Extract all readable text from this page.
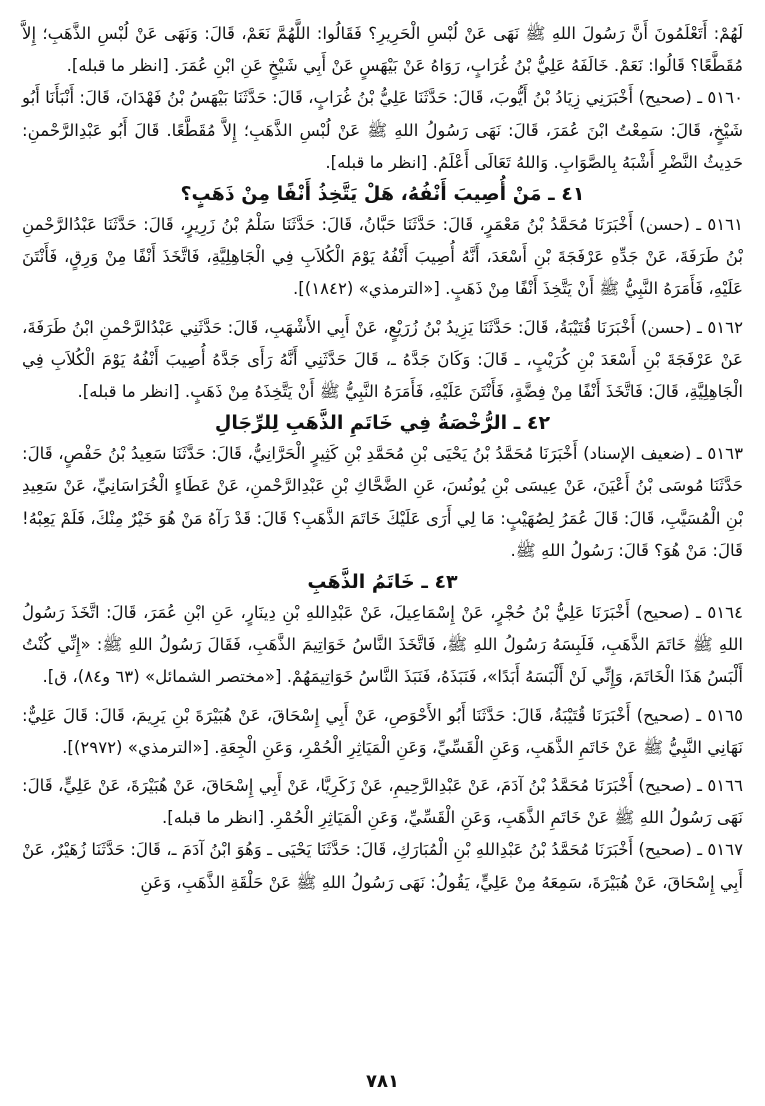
لَهُمْ: أَتَعْلَمُونَ أَنَّ رَسُولَ اللهِ ﷺ نَهَى عَنْ لُبْسِ الْحَرِيرِ؟ فَقَالُوا: اللَّهُمَّ نَعَمْ، قَالَ: وَنَهَى عَنْ لُبْسِ الذَّهَبِ؛ إِلاَّ مُقَطَّعًا؟ قَالُوا: نَعَمْ. خَالَفَهُ عَلِيُّ بْنُ غُرَابٍ، رَوَاهُ عَنْ بَيْهَسٍ عَنْ أَبِي شَيْخٍ عَنِ ابْنِ عُمَرَ. [انظر ما قبله].

٥١٦٠ ـ (صحيح) أَخْبَرَنِي زِيَادُ بْنُ أَيُّوبَ، قَالَ: حَدَّثَنَا عَلِيُّ بْنُ غُرَابٍ، قَالَ: حَدَّثَنَا بَيْهَسُ بْنُ فَهْدَانَ، قَالَ: أَنْبَأَنَا أَبُو شَيْخٍ، قَالَ: سَمِعْتُ ابْنَ عُمَرَ، قَالَ: نَهَى رَسُولُ اللهِ ﷺ عَنْ لُبْسِ الذَّهَبِ؛ إِلاَّ مُقَطَّعًا. قَالَ أَبُو عَبْدِالرَّحْمنِ: حَدِيثُ النَّضْرِ أَشْبَهُ بِالصَّوَابِ. وَاللهُ تَعَالَى أَعْلَمُ. [انظر ما قبله].

٤١ ـ مَنْ أُصِيبَ أَنْفُهُ، هَلْ يَتَّخِذُ أَنْفًا مِنْ ذَهَبٍ؟

٥١٦١ ـ (حسن) أَخْبَرَنَا مُحَمَّدُ بْنُ مَعْمَرٍ، قَالَ: حَدَّثَنَا حَبَّانُ، قَالَ: حَدَّثَنَا سَلْمُ بْنُ زَرِيرٍ، قَالَ: حَدَّثَنَا عَبْدُالرَّحْمنِ بْنُ طَرَفَةَ، عَنْ جَدِّهِ عَرْفَجَةَ بْنِ أَسْعَدَ، أَنَّهُ أُصِيبَ أَنْفُهُ يَوْمَ الْكُلاَبِ فِي الْجَاهِلِيَّةِ، فَاتَّخَذَ أَنْفًا مِنْ وَرِقٍ، فَأَنْتَنَ عَلَيْهِ، فَأَمَرَهُ النَّبِيُّ ﷺ أَنْ يَتَّخِذَ أَنْفًا مِنْ ذَهَبٍ. [«الترمذي» (١٨٤٢)].

٥١٦٢ ـ (حسن) أَخْبَرَنَا قُتَيْبَةُ، قَالَ: حَدَّثَنَا يَزِيدُ بْنُ زُرَيْعٍ، عَنْ أَبِي الأَشْهَبِ، قَالَ: حَدَّثَنِي عَبْدُالرَّحْمنِ ابْنُ طَرَفَةَ، عَنْ عَرْفَجَةَ بْنِ أَسْعَدَ بْنِ كُرَيْبٍ، ـ قَالَ: وَكَانَ جَدَّهُ ـ، قَالَ حَدَّثَنِي أَنَّهُ رَأَى جَدَّهُ أُصِيبَ أَنْفُهُ يَوْمَ الْكُلاَبِ فِي الْجَاهِلِيَّةِ، قَالَ: فَاتَّخَذَ أَنْفًا مِنْ فِضَّةٍ، فَأَنْتَنَ عَلَيْهِ، فَأَمَرَهُ النَّبِيُّ ﷺ أَنْ يَتَّخِذَهُ مِنْ ذَهَبٍ. [انظر ما قبله].

٤٢ ـ الرُّخْصَةُ فِي خَاتَمِ الذَّهَبِ لِلرِّجَالِ

٥١٦٣ ـ (ضعيف الإسناد) أَخْبَرَنَا مُحَمَّدُ بْنُ يَحْيَى بْنِ مُحَمَّدِ بْنِ كَثِيرٍ الْحَرَّانِيُّ، قَالَ: حَدَّثَنَا سَعِيدُ بْنُ حَفْصٍ، قَالَ: حَدَّثَنَا مُوسَى بْنُ أَعْيَنَ، عَنْ عِيسَى بْنِ يُونُسَ، عَنِ الضَّحَّاكِ بْنِ عَبْدِالرَّحْمنِ، عَنْ عَطَاءٍ الْخُرَاسَانِيِّ، عَنْ سَعِيدِ بْنِ الْمُسَيَّبِ، قَالَ: قَالَ عُمَرُ لِصُهَيْبٍ: مَا لِي أَرَى عَلَيْكَ خَاتَمَ الذَّهَبِ؟ قَالَ: قَدْ رَآهُ مَنْ هُوَ خَيْرٌ مِنْكَ، فَلَمْ يَعِبْهُ! قَالَ: مَنْ هُوَ؟ قَالَ: رَسُولُ اللهِ ﷺ.

٤٣ ـ خَاتَمُ الذَّهَبِ

٥١٦٤ ـ (صحيح) أَخْبَرَنَا عَلِيُّ بْنُ حُجْرٍ، عَنْ إِسْمَاعِيلَ، عَنْ عَبْدِاللهِ بْنِ دِينَارٍ، عَنِ ابْنِ عُمَرَ، قَالَ: اتَّخَذَ رَسُولُ اللهِ ﷺ خَاتَمَ الذَّهَبِ، فَلَبِسَهُ رَسُولُ اللهِ ﷺ، فَاتَّخَذَ النَّاسُ خَوَاتِيمَ الذَّهَبِ، فَقَالَ رَسُولُ اللهِ ﷺ: «إِنِّي كُنْتُ أَلْبَسُ هَذَا الْخَاتَمَ، وَإِنِّي لَنْ أَلْبَسَهُ أَبَدًا»، فَنَبَذَهُ، فَنَبَذَ النَّاسُ خَوَاتِيمَهُمْ. [«مختصر الشمائل» (٦٣ و٨٤)، ق].

٥١٦٥ ـ (صحيح) أَخْبَرَنَا قُتَيْبَةُ، قَالَ: حَدَّثَنَا أَبُو الأَحْوَصِ، عَنْ أَبِي إِسْحَاقَ، عَنْ هُبَيْرَةَ بْنِ يَرِيمَ، قَالَ: قَالَ عَلِيٌّ: نَهَانِي النَّبِيُّ ﷺ عَنْ خَاتَمِ الذَّهَبِ، وَعَنِ الْقَسِّيِّ، وَعَنِ الْمَيَاثِرِ الْحُمْرِ، وَعَنِ الْجِعَةِ. [«الترمذي» (٢٩٧٢)].

٥١٦٦ ـ (صحيح) أَخْبَرَنَا مُحَمَّدُ بْنُ آدَمَ، عَنْ عَبْدِالرَّحِيمِ، عَنْ زَكَرِيَّا، عَنْ أَبِي إِسْحَاقَ، عَنْ هُبَيْرَةَ، عَنْ عَلِيٍّ، قَالَ: نَهَى رَسُولُ اللهِ ﷺ عَنْ خَاتَمِ الذَّهَبِ، وَعَنِ الْقَسِّيِّ، وَعَنِ الْمَيَاثِرِ الْحُمْرِ. [انظر ما قبله].

٥١٦٧ ـ (صحيح) أَخْبَرَنَا مُحَمَّدُ بْنُ عَبْدِاللهِ بْنِ الْمُبَارَكِ، قَالَ: حَدَّثَنَا يَحْيَى ـ وَهُوَ ابْنُ آدَمَ ـ، قَالَ: حَدَّثَنَا زُهَيْرٌ، عَنْ أَبِي إِسْحَاقَ، عَنْ هُبَيْرَةَ، سَمِعَهُ مِنْ عَلِيٍّ، يَقُولُ: نَهَى رَسُولُ اللهِ ﷺ عَنْ حَلْقَةِ الذَّهَبِ، وَعَنِ

٧٨١
